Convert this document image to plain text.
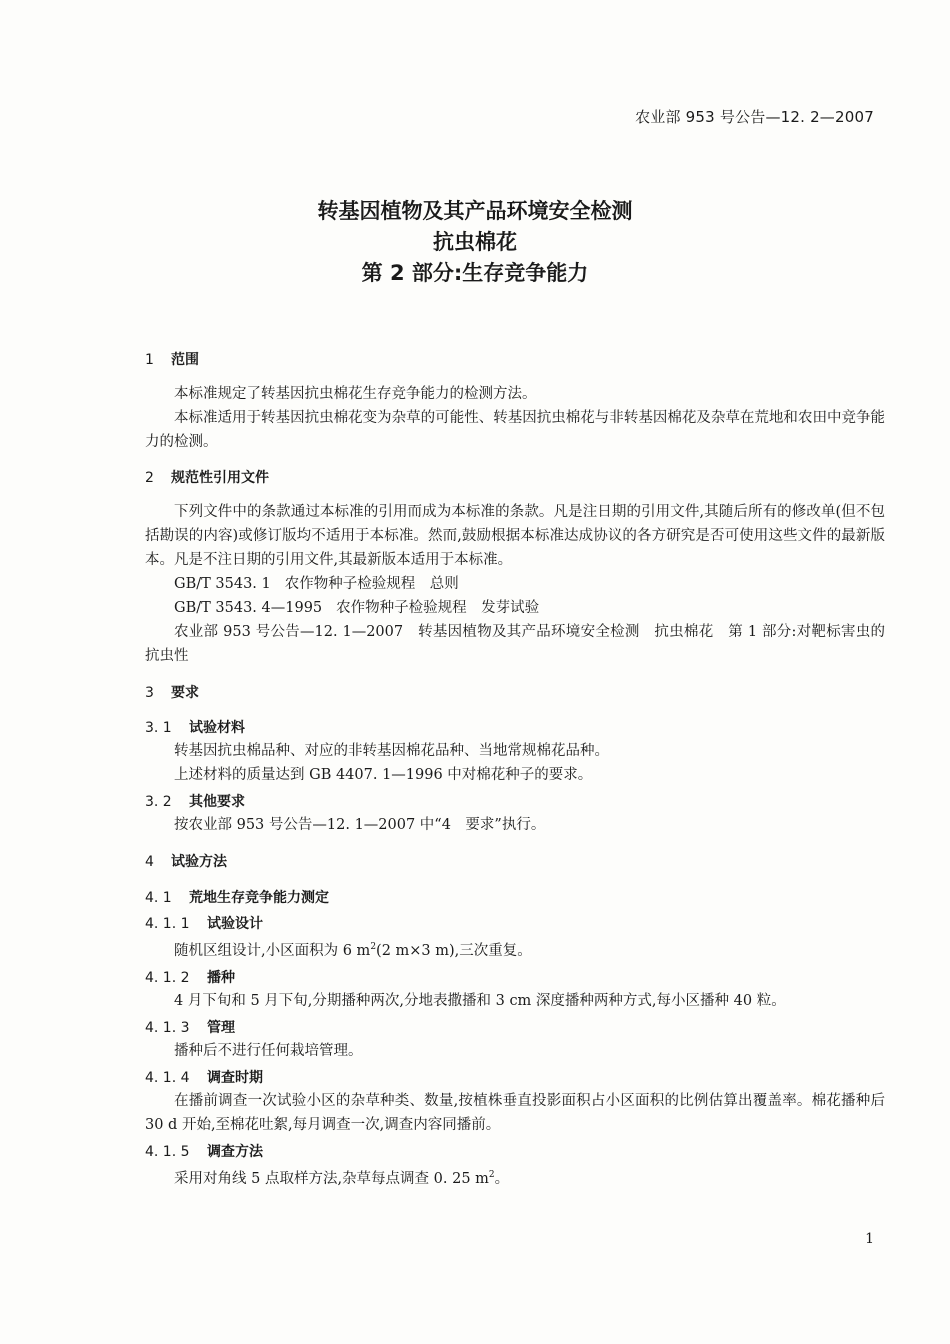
农业部 953 号公告—12. 2—2007
转基因植物及其产品环境安全检测
抗虫棉花
第 2 部分:生存竞争能力
1 范围
本标准规定了转基因抗虫棉花生存竞争能力的检测方法。
本标准适用于转基因抗虫棉花变为杂草的可能性、转基因抗虫棉花与非转基因棉花及杂草在荒地和农田中竞争能力的检测。
2 规范性引用文件
下列文件中的条款通过本标准的引用而成为本标准的条款。凡是注日期的引用文件,其随后所有的修改单(但不包括勘误的内容)或修订版均不适用于本标准。然而,鼓励根据本标准达成协议的各方研究是否可使用这些文件的最新版本。凡是不注日期的引用文件,其最新版本适用于本标准。
GB/T 3543. 1 农作物种子检验规程　总则
GB/T 3543. 4—1995 农作物种子检验规程　发芽试验
农业部 953 号公告—12. 1—2007　转基因植物及其产品环境安全检测　抗虫棉花　第 1 部分:对靶标害虫的抗虫性
3 要求
3. 1 试验材料
转基因抗虫棉品种、对应的非转基因棉花品种、当地常规棉花品种。
上述材料的质量达到 GB 4407. 1—1996 中对棉花种子的要求。
3. 2 其他要求
按农业部 953 号公告—12. 1—2007 中“4　要求”执行。
4 试验方法
4. 1 荒地生存竞争能力测定
4. 1. 1 试验设计
随机区组设计,小区面积为 6 $m^2(2$ m×3 m),三次重复。
4. 1. 2 播种
4 月下旬和 5 月下旬,分期播种两次,分地表撒播和 3 cm 深度播种两种方式,每小区播种 40 粒。
4. 1. 3 管理
播种后不进行任何栽培管理。
4. 1. 4 调查时期
在播前调查一次试验小区的杂草种类、数量,按植株垂直投影面积占小区面积的比例估算出覆盖率。棉花播种后 30 d 开始,至棉花吐絮,每月调查一次,调查内容同播前。
4. 1. 5 调查方法
采用对角线 5 点取样方法,杂草每点调查 0. 25 $m^2$。
1
